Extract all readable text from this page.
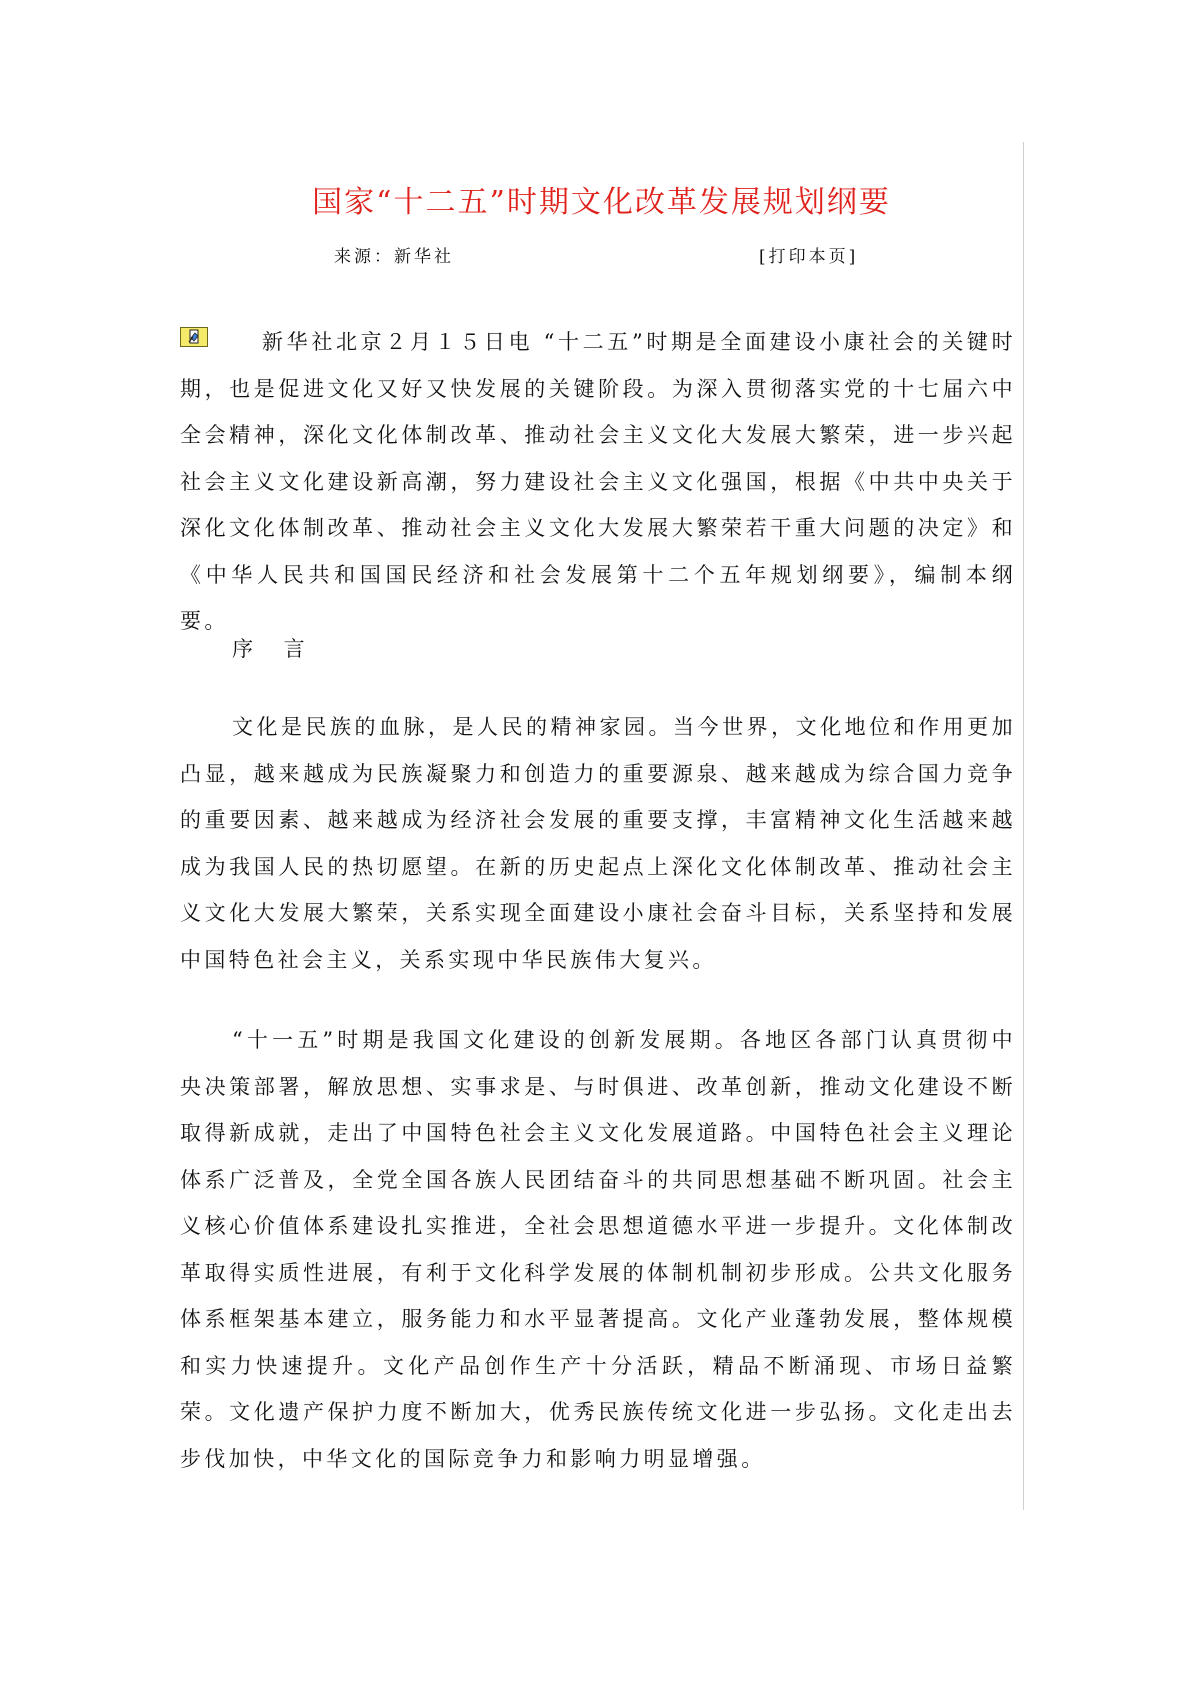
国家“十二五”时期文化改革发展规划纲要
来源：新华社	[打印本页]

新华社北京２月１５日电 “十二五”时期是全面建设小康社会的关键时期，也是促进文化又好又快发展的关键阶段。为深入贯彻落实党的十七届六中全会精神，深化文化体制改革、推动社会主义文化大发展大繁荣，进一步兴起社会主义文化建设新高潮，努力建设社会主义文化强国，根据《中共中央关于深化文化体制改革、推动社会主义文化大发展大繁荣若干重大问题的决定》和《中华人民共和国国民经济和社会发展第十二个五年规划纲要》，编制本纲要。

序 言

文化是民族的血脉，是人民的精神家园。当今世界，文化地位和作用更加凸显，越来越成为民族凝聚力和创造力的重要源泉、越来越成为综合国力竞争的重要因素、越来越成为经济社会发展的重要支撑，丰富精神文化生活越来越成为我国人民的热切愿望。在新的历史起点上深化文化体制改革、推动社会主义文化大发展大繁荣，关系实现全面建设小康社会奋斗目标，关系坚持和发展中国特色社会主义，关系实现中华民族伟大复兴。

“十一五”时期是我国文化建设的创新发展期。各地区各部门认真贯彻中央决策部署，解放思想、实事求是、与时俱进、改革创新，推动文化建设不断取得新成就，走出了中国特色社会主义文化发展道路。中国特色社会主义理论体系广泛普及，全党全国各族人民团结奋斗的共同思想基础不断巩固。社会主义核心价值体系建设扎实推进，全社会思想道德水平进一步提升。文化体制改革取得实质性进展，有利于文化科学发展的体制机制初步形成。公共文化服务体系框架基本建立，服务能力和水平显著提高。文化产业蓬勃发展，整体规模和实力快速提升。文化产品创作生产十分活跃，精品不断涌现、市场日益繁荣。文化遗产保护力度不断加大，优秀民族传统文化进一步弘扬。文化走出去步伐加快，中华文化的国际竞争力和影响力明显增强。
